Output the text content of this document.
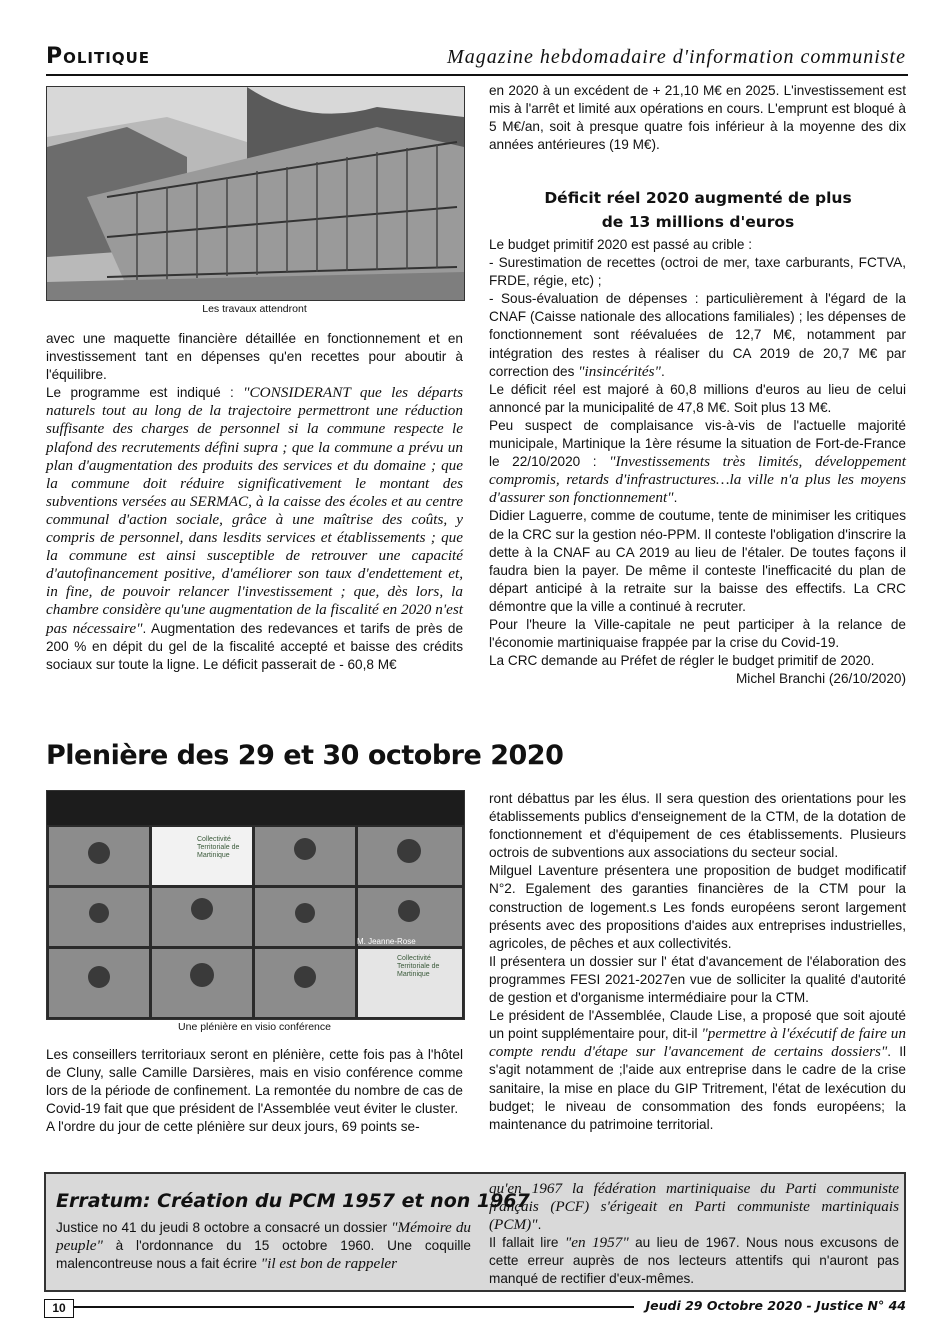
Politique	Magazine hebdomadaire d'information communiste
Les travaux attendront

avec une maquette financière détaillée en fonctionnement et en investissement tant en dépenses qu'en recettes pour aboutir à l'équilibre.

Le programme est indiqué : "CONSIDERANT que les départs naturels tout au long de la trajectoire permettront une réduction suffisante des charges de personnel si la commune respecte le plafond des recrutements défini supra ; que la commune a prévu un plan d'augmentation des produits des services et du domaine ; que la commune doit réduire significativement le montant des subventions versées au SERMAC, à la caisse des écoles et au centre communal d'action sociale, grâce à une maîtrise des coûts, y compris de personnel, dans lesdits services et établissements ; que la commune est ainsi susceptible de retrouver une capacité d'autofinancement positive, d'améliorer son taux d'endettement et, in fine, de pouvoir relancer l'investissement ; que, dès lors, la chambre considère qu'une augmentation de la fiscalité en 2020 n'est pas nécessaire". Augmentation des redevances et tarifs de près de 200 % en dépit du gel de la fiscalité accepté et baisse des crédits sociaux sur toute la ligne. Le déficit passerait de - 60,8 M€

en 2020 à un excédent de + 21,10 M€ en 2025. L'investissement est mis à l'arrêt et limité aux opérations en cours. L'emprunt est bloqué à 5 M€/an, soit à presque quatre fois inférieur à la moyenne des dix années antérieures (19 M€).

Déficit réel 2020 augmenté de plus de 13 millions d'euros

Le budget primitif 2020 est passé au crible :

- Surestimation de recettes (octroi de mer, taxe carburants, FCTVA, FRDE, régie, etc) ;

- Sous-évaluation de dépenses : particulièrement à l'égard de la CNAF (Caisse nationale des allocations familiales) ; les dépenses de fonctionnement sont réévaluées de 12,7 M€, notamment par intégration des restes à réaliser du CA 2019 de 20,7 M€ par correction des "insincérités".

Le déficit réel est majoré à 60,8 millions d'euros au lieu de celui annoncé par la municipalité de 47,8 M€. Soit plus 13 M€.

Peu suspect de complaisance vis-à-vis de l'actuelle majorité municipale, Martinique la 1ère résume la situation de Fort-de-France le 22/10/2020 : "Investissements très limités, développement compromis, retards d'infrastructures…la ville n'a plus les moyens d'assurer son fonctionnement".

Didier Laguerre, comme de coutume, tente de minimiser les critiques de la CRC sur la gestion néo-PPM. Il conteste l'obligation d'inscrire la dette à la CNAF au CA 2019 au lieu de l'étaler. De toutes façons il faudra bien la payer. De même il conteste l'inefficacité du plan de départ anticipé à la retraite sur la baisse des effectifs. La CRC démontre que la ville a continué à recruter.

Pour l'heure la Ville-capitale ne peut participer à la relance de l'économie martiniquaise frappée par la crise du Covid-19.

La CRC demande au Préfet de régler le budget primitif de 2020.

Michel Branchi (26/10/2020)

Plenière des 29 et 30 octobre 2020
Collectivité Territoriale de Martinique
M. Jeanne-Rose
Collectivité Territoriale de Martinique
Une plénière en visio conférence

Les conseillers territoriaux seront en plénière, cette fois pas à l'hôtel de Cluny, salle Camille Darsières, mais en visio conférence comme lors de la période de confinement. La remontée du nombre de cas de Covid-19 fait que que président de l'Assemblée veut éviter le cluster.

A l'ordre du jour de cette plénière sur deux jours, 69 points se-

ront débattus par les élus. Il sera question des orientations pour les établissements publics d'enseignement de la CTM, de la dotation de fonctionnement et d'équipement de ces établissements. Plusieurs octrois de subventions aux associations du secteur social.

Milguel Laventure présentera une proposition de budget modificatif N°2. Egalement des garanties financières de la CTM pour la construction de logement.s Les fonds européens seront largement présents avec des propositions d'aides aux entreprises industrielles, agricoles, de pêches et aux collectivités.

Il présentera un dossier sur l' état d'avancement de l'élaboration des programmes FESI 2021-2027en vue de solliciter la qualité d'autorité de gestion et d'organisme intermédiaire pour la CTM.

Le président de l'Assemblée, Claude Lise, a proposé que soit ajouté un point supplémentaire pour, dit-il "permettre à l'éxécutif de faire un compte rendu d'étape sur l'avancement de certains dossiers". Il s'agit notamment de ;l'aide aux entreprise dans le cadre de la crise sanitaire, la mise en place du GIP Tritrement, l'état de lexécution du budget; le niveau de consommation des fonds européens; la maintenance du patrimoine territorial.

Erratum: Création du PCM 1957 et non 1967

Justice no 41 du jeudi 8 octobre a consacré un dossier "Mémoire du peuple" à l'ordonnance du 15 octobre 1960. Une coquille malencontreuse nous a fait écrire "il est bon de rappeler

qu'en 1967 la fédération martiniquaise du Parti communiste français (PCF) s'érigeait en Parti communiste martiniquais (PCM)".

Il fallait lire "en 1957" au lieu de 1967. Nous nous excusons de cette erreur auprès de nos lecteurs attentifs qui n'auront pas manqué de rectifier d'eux-mêmes.

10	Jeudi 29 Octobre 2020 - Justice N° 44
